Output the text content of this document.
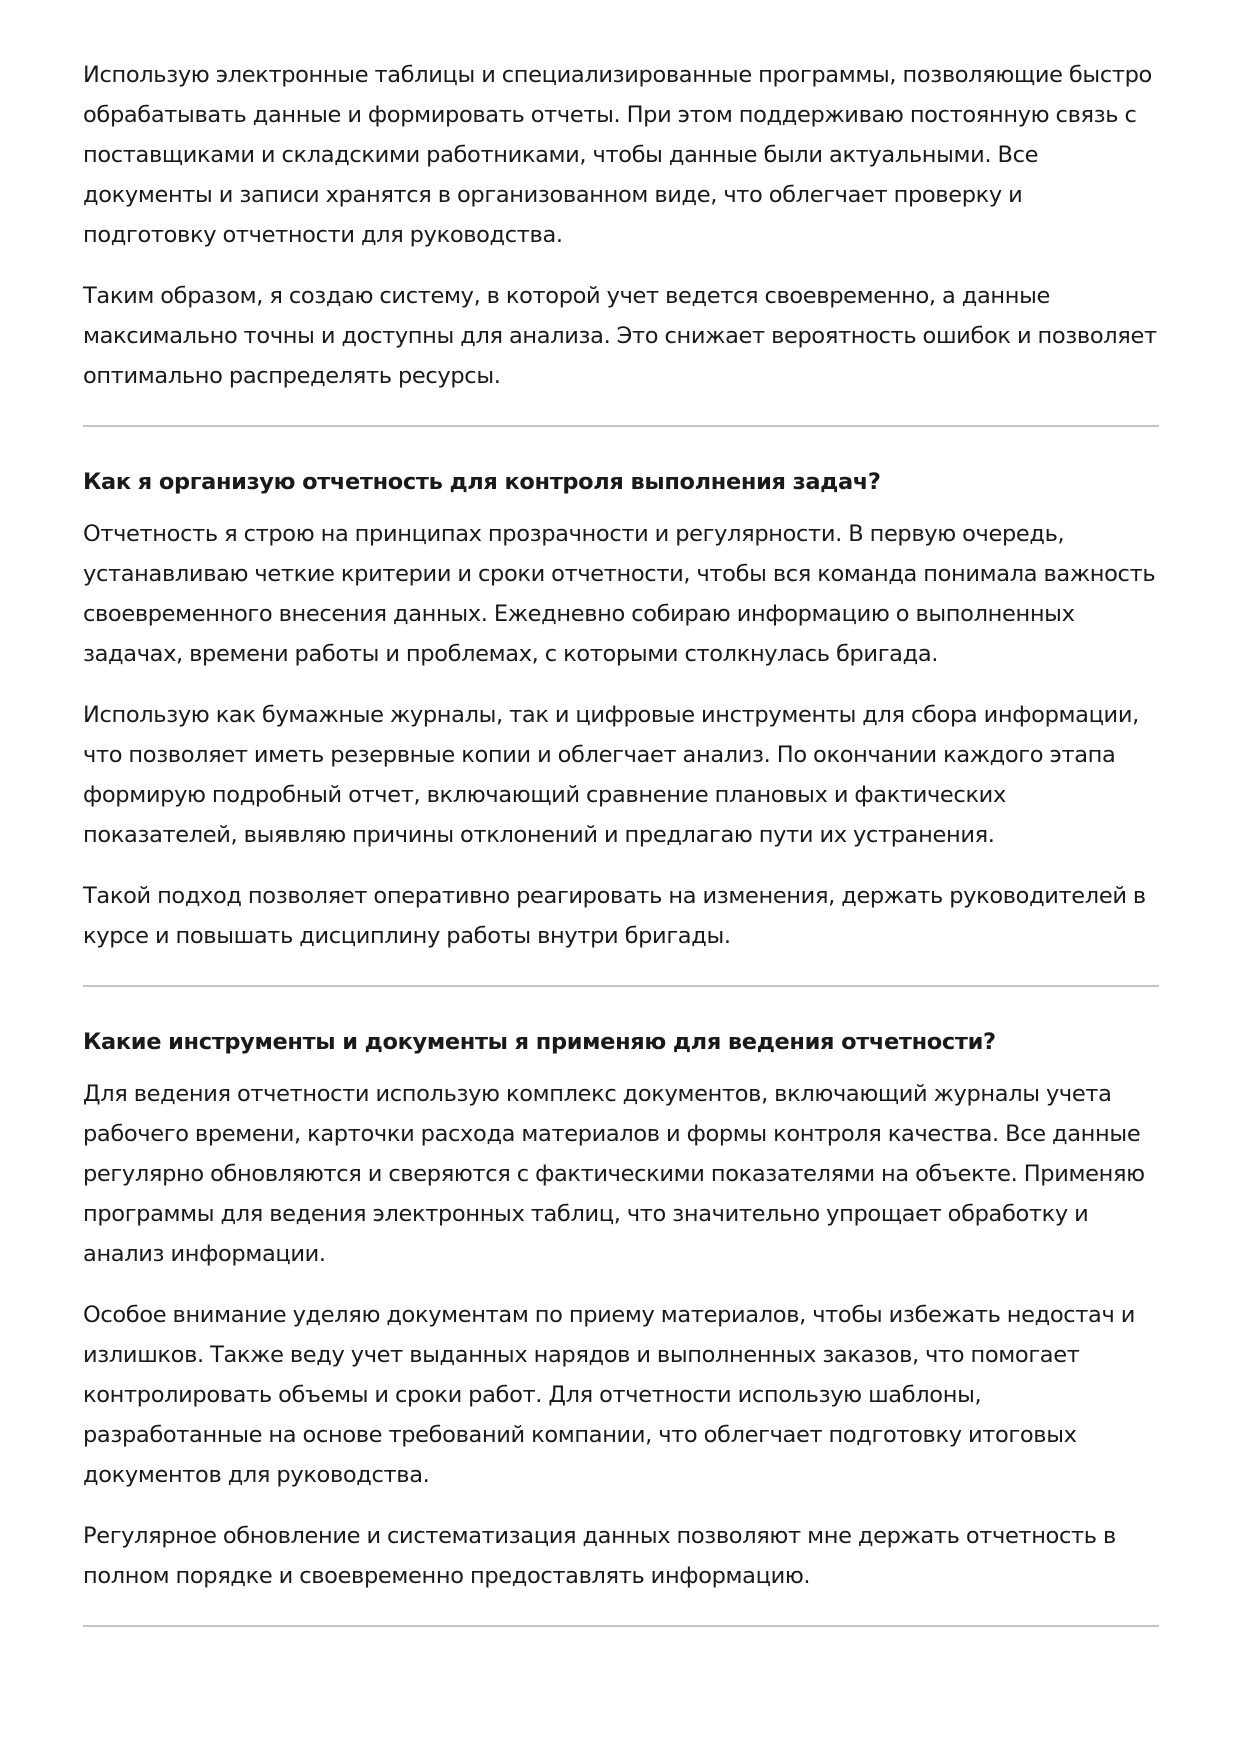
Использую электронные таблицы и специализированные программы, позволяющие быстро обрабатывать данные и формировать отчеты. При этом поддерживаю постоянную связь с поставщиками и складскими работниками, чтобы данные были актуальными. Все документы и записи хранятся в организованном виде, что облегчает проверку и подготовку отчетности для руководства.

Таким образом, я создаю систему, в которой учет ведется своевременно, а данные максимально точны и доступны для анализа. Это снижает вероятность ошибок и позволяет оптимально распределять ресурсы.

Как я организую отчетность для контроля выполнения задач?

Отчетность я строю на принципах прозрачности и регулярности. В первую очередь, устанавливаю четкие критерии и сроки отчетности, чтобы вся команда понимала важность своевременного внесения данных. Ежедневно собираю информацию о выполненных задачах, времени работы и проблемах, с которыми столкнулась бригада.

Использую как бумажные журналы, так и цифровые инструменты для сбора информации, что позволяет иметь резервные копии и облегчает анализ. По окончании каждого этапа формирую подробный отчет, включающий сравнение плановых и фактических показателей, выявляю причины отклонений и предлагаю пути их устранения.

Такой подход позволяет оперативно реагировать на изменения, держать руководителей в курсе и повышать дисциплину работы внутри бригады.

Какие инструменты и документы я применяю для ведения отчетности?

Для ведения отчетности использую комплекс документов, включающий журналы учета рабочего времени, карточки расхода материалов и формы контроля качества. Все данные регулярно обновляются и сверяются с фактическими показателями на объекте. Применяю программы для ведения электронных таблиц, что значительно упрощает обработку и анализ информации.

Особое внимание уделяю документам по приему материалов, чтобы избежать недостач и излишков. Также веду учет выданных нарядов и выполненных заказов, что помогает контролировать объемы и сроки работ. Для отчетности использую шаблоны, разработанные на основе требований компании, что облегчает подготовку итоговых документов для руководства.

Регулярное обновление и систематизация данных позволяют мне держать отчетность в полном порядке и своевременно предоставлять информацию.
